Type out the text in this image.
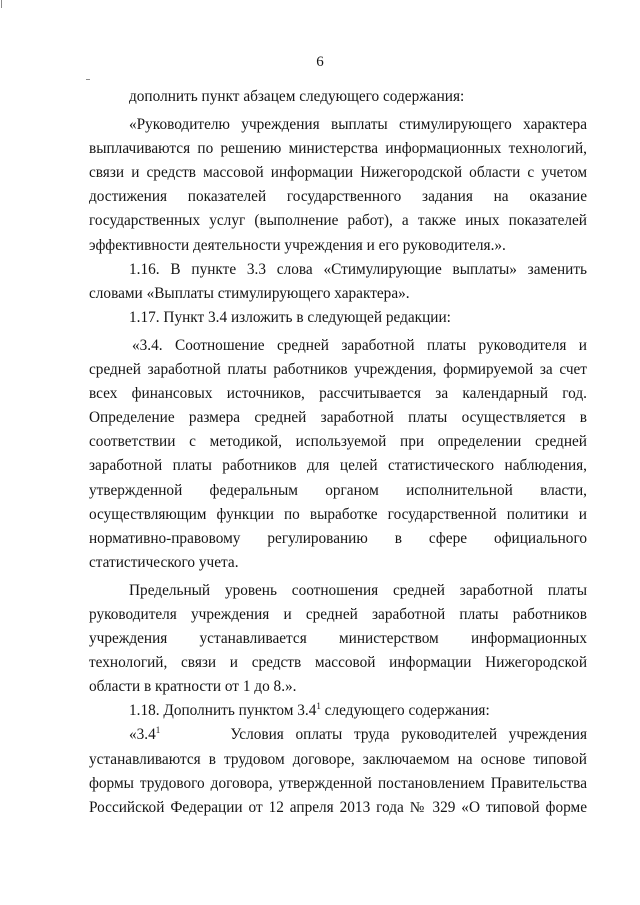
6
дополнить пункт абзацем следующего содержания:
«Руководителю учреждения выплаты стимулирующего характера
выплачиваются по решению министерства информационных технологий,
связи и средств массовой информации Нижегородской области с учетом
достижения показателей государственного задания на оказание
государственных услуг (выполнение работ), а также иных показателей
эффективности деятельности учреждения и его руководителя.».
1.16. В пункте 3.3 слова «Стимулирующие выплаты» заменить
словами «Выплаты стимулирующего характера».
1.17. Пункт 3.4 изложить в следующей редакции:
«3.4. Соотношение средней заработной платы руководителя и
средней заработной платы работников учреждения, формируемой за счет
всех финансовых источников, рассчитывается за календарный год.
Определение размера средней заработной платы осуществляется в
соответствии с методикой, используемой при определении средней
заработной платы работников для целей статистического наблюдения,
утвержденной федеральным органом исполнительной власти,
осуществляющим функции по выработке государственной политики и
нормативно-правовому регулированию в сфере официального
статистического учета.
Предельный уровень соотношения средней заработной платы
руководителя учреждения и средней заработной платы работников
учреждения устанавливается министерством информационных
технологий, связи и средств массовой информации Нижегородской
области в кратности от 1 до 8.».
1.18. Дополнить пунктом $3.4^1$ следующего содержания:
«$3.4^1$	Условия оплаты труда руководителей учреждения
устанавливаются в трудовом договоре, заключаемом на основе типовой
формы трудового договора, утвержденной постановлением Правительства
Российской Федерации от 12 апреля 2013 года № 329 «О типовой форме
